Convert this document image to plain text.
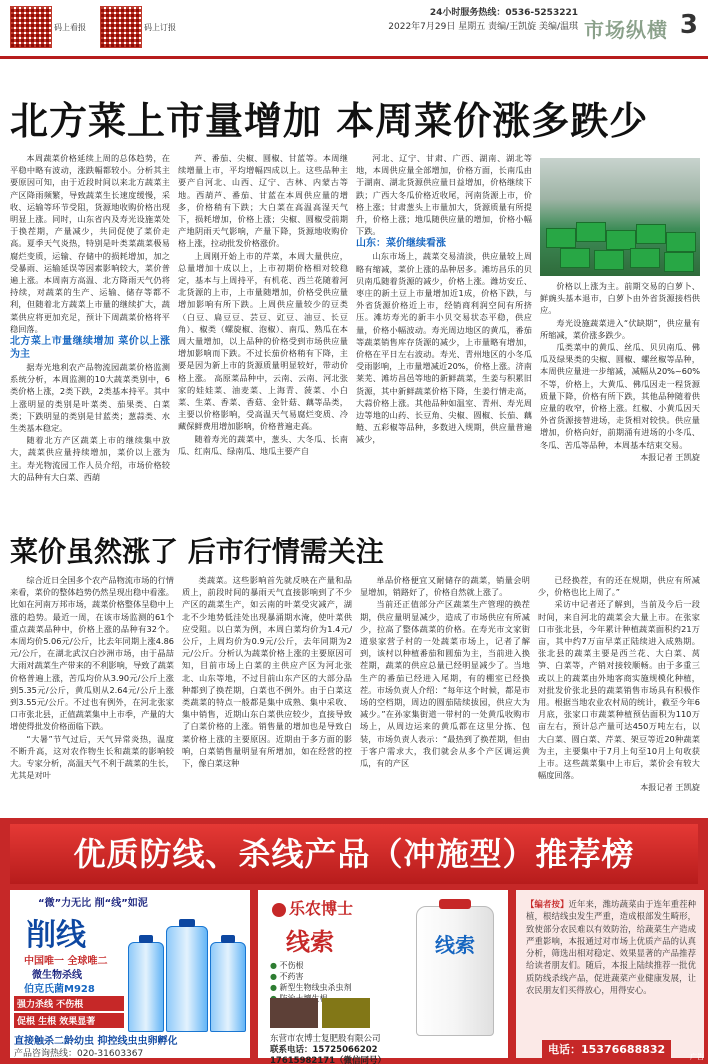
码上看报	码上订报
24小时服务热线：0536-5253221
2022年7月29日 星期五 责编/王凯旋 美编/温琪 市场纵横 3
北方菜上市量增加 本周菜价涨多跌少

本周蔬菜价格延续上周的总体趋势，在平稳中略有波动，涨跌幅都较小。分析其主要原因可知，由于近段时间以来北方蔬菜主产区降雨频繁，导致蔬菜生长速度缓慢，采收、运输等环节受阻，货源地收购价格出现明显上涨。同时，山东省内及寿光设施菜处于换茬期，产量减少，共同促使了菜价走高。夏季天气炎热，特别是叶类菜蔬菜极易腐烂变质，运输、存储中的损耗增加，加之受暴雨、运输延误等因素影响较大，菜价普遍上涨。本周南方高温、北方降雨天气仍将持续，对蔬菜的生产、运输、储存等都不利，但随着北方蔬菜上市量的继续扩大，蔬菜供应将更加充足，预计下周蔬菜价格将平稳回落。

北方菜上市量继续增加 菜价以上涨为主

据寿光地利农产品物流园蔬菜价格监测系统分析，本周监测的10大蔬菜类别中，6类价格上涨，2类下跌，2类基本持平。其中上涨明显的类别是叶菜类、茄果类、白菜类；下跌明显的类别是甘蓝类；葱蒜类、水生类基本稳定。

随着北方产区蔬菜上市的继续集中放大，蔬菜供应量持续增加，菜价以上涨为主。寿光物流园工作人员介绍，市场价格较大的品种有大白菜、西葫

芦、番茄、尖椒、圆椒、甘蓝等。本周继续增量上市，平均增幅四成以上。这些品种主要产自河北、山西、辽宁、吉林、内蒙古等地。西葫芦、番茄、甘蓝在本周供应量的增多，价格稍有下跌；大白菜在高温高湿天气下，损耗增加，价格上涨；尖椒、圆椒受前期产地阴雨天气影响，产量下降，货源地收购价格上涨，拉动批发价格涨价。

上周刚开始上市的芹菜，本周大量供应，总量增加十成以上，上市初期价格相对较稳定，基本与上周持平，有机花、西兰花随着河北货源的上市，上市量随增加，价格受供应量增加影响有所下跌。上周供应量较少的豆类（白豆、扁豆豆、芸豆、豇豆、油豆、长豆角）、椒类（螺旋椒、泡椒）、南瓜、熟瓜在本周大量增加，以上品种的价格受到市场供应量增加影响而下跌。不过长茄价格稍有下降，主要是因为新上市的货源质量明显较好，带动价格上涨。 高原菜品种中，云南、云南、河北张家的娃娃菜、油麦菜、上海青、菠菜、小白菜、生菜、香菜、香菇、金针菇、藕等品类，主要以价格影响，受高温天气易腐烂变质、冷藏保鲜费用增加影响，价格普遍走高。

随着寿光的蔬菜中，葱头、大冬瓜、长南瓜、红南瓜、绿南瓜、地瓜主要产自

河北、辽宁、甘肃、广西、湖南、湖北等地，本周供应量全部增加，价格方面，长南瓜由于湖南、湖北货源供应量日益增加，价格继续下跌；广西大冬瓜价格近收尾，河南货源上市，价格上涨；甘肃葱头上市量加大，货源质量有所提升，价格上涨；地瓜随供应量的增加，价格小幅下跌。

山东：菜价继续看涨

山东市场上，蔬菜交易清淡，供应量较上周略有缩减，菜价上涨的品种居多。滩坊昌乐的贝贝南瓜随着货源的减少，价格上涨。潍坊安丘、枣庄的新土豆上市量增加近1成，价格下跌，与外省货源价格近上市，经销商利润空间有所挤压。滩坊寿光的新丰小贝交易状态平稳，供应量，价格小幅波动。寿光周边地区的黄瓜，番茄等蔬菜销售库存货源的减少，上市量略有增加，价格在平日左右波动。寿光、青州地区的小冬瓜受雨影响，上市量增减近20%，价格上涨。济南莱芜、滩坊昌邑等地的新鲜蔬菜，生姜与积累旧货源，其中新鲜蔬菜价格下降，生姜行情走高，大蒜价格上涨。其他品种如温室、青州、寿光周边等地的山药、长豆角、尖椒、圆椒、长茄、藕鲢、五彩椒等品种，多数进入规期，供应量普遍减少，

价格以上涨为主。前期交易的白萝卜、鲜豌头基本退市，白萝卜由外省货源接档供应。

寿光设施蔬菜进入“伏缺期”，供应量有所缩减，菜价涨多跌少。

瓜类菜中的黄瓜、丝瓜、贝贝南瓜、佛瓜及绿果类的尖椒、圆椒、螺丝椒等品种，本周供应量进一步缩减，减幅从20%~60%不等，价格上，大黄瓜、佛瓜因走一程货源质量下降，价格有所下跌，其他品种随着供应量的收窄，价格上涨。红椒、小黄瓜因天外省货源接替进场，走货相对较快。供应量增加，价格向好，前期涌有进场的小冬瓜、冬瓜、苦瓜等品种，本周基本结束交易。

本报记者 王凯旋

菜价虽然涨了 后市行情需关注

综合近日全国多个农产品物流市场的行情来看，菜价的整体趋势仍然呈现出稳中看涨。比如在河南万邦市场，蔬菜价格整体呈稳中上涨的趋势。最近一周，在该市场监测的61个重点蔬菜品种中，价格上涨的品种有32个。本周均价5.06元/公斤，比去年同期上涨4.86元/公斤，在湖北武汉白沙洲市场，由于晶喆大雨对蔬菜生产带来的不利影响，导致了蔬菜价格普遍上涨，苦瓜均价从3.90元/公斤上涨到5.35元/公斤，黄瓜则从2.64元/公斤上涨到3.55元/公斤。不过也有例外，在河北张家口市张北县，正值蔬菜集中上市季，产量的大增使得批发价格面临下跌。

“大暑”节气过后，天气异常炎热，温度不断升高，这对农作物生长和蔬菜的影响较大。专家分析，高温天气不利于蔬菜的生长，尤其是对叶

类蔬菜。这些影响首先就反映在产量和品质上，前段时间的暴雨天气直接影响到了不少产区的蔬菜生产，如云南的叶菜受灾减产，湖北不少地势低洼处出现暴涌期水淹，使叶菜供应受阻。以白菜为例，本周白菜均价为1.4元/公斤，上周均价为0.9元/公斤，去年同期为2元/公斤。分析认为蔬菜价格上涨的主要原因可知，目前市场上白菜的主供应产区为河北张北、山东等地，不过目前山东产区的大部分品种都到了换茬期，白菜也不例外。由于白菜这类蔬菜的特点一般都是集中成熟、集中采收、集中销售，近期山东白菜供应较少，直接导致了白菜价格的上涨。销售量的增加也是导致白菜价格上涨的主要原因。近期由于多方面的影响，白菜销售量明显有所增加，如在经营的控下，像白菜这种

单品价格便宜又耐储存的蔬菜，销量会明显增加，销路好了，价格自然就上涨了。

当前还正值部分产区蔬菜生产管理的换茬期，供应量明显减少，造成了市场供应有所减少，拉高了整体蔬菜的价格。在寿光市文家街道泉家营子村的一处蔬菜市场上，记者了解到，该村以种植番茄和圆茄为主，当前进入换茬期，蔬菜的供应总量已经明显减少了。当地生产的番茄已经进入尾期，有的棚室已经换茬。市场负责人介绍：“每年这个时候，都是市场的空档期，周边的圆茄陆续拔园，供应大为减少。”在孙家集街道一带村的一处黄瓜收购市场上，从周边运来的黄瓜都在这里分拣、包装，市场负责人表示：“最热到了换茬期，但由于客户需求大，我们就会从多个产区调运黄瓜，有的产区

已经换茬，有的还在规期，供应有所减少，价格也比上周了。”

采访中记者还了解到，当前及今后一段时间，来自河北的蔬菜会大量上市。在张家口市张北县，今年累计种植蔬菜面积约21万亩，其中约7万亩早菜正陆续进入成熟期。 张北县的蔬菜主要是西兰花、大白菜、莴笋、白菜等，产销对接较顺畅。由于多重三或以上的蔬菜由外地客商实施规模化种植，对批发价张北县的蔬菜销售市场具有积极作用。根据当地农业农村局的统计，截至今年6月底，张家口市蔬菜种植预估面积为110万亩左右，预计总产量可达450万吨左右，以大白菜、圆白菜、芹菜、架豆等近20种蔬菜为主，主要集中于7月上旬至10月上旬收获上市。这些蔬菜集中上市后，菜价会有较大幅度回落。

本报记者 王凯旋

优质防线、杀线产品（冲施型）推荐榜
“微”力无比 削“线”如泥
削线
中国唯一 全球唯二
微生物杀线
伯克氏菌M928
强力杀线 不伤根
促根 生根 效果显著
直接触杀二龄幼虫 抑控线虫虫卵孵化
产品咨询热线：020-31603367
乐农博士
线索
● 不伤根
● 不药害
● 新型生物线虫杀虫剂
●
线索
东营市农博士复肥股有限公司
联系电话：15725066202
17615982171（微信同号）
【编者按】近年来，潍坊蔬菜由于连年重茬种植，根结线虫发生严重，造成根部发生畸形，致使部分农民难以有效防治，给蔬菜生产造成严重影响，本报通过对市场上优质产品的认真分析，筛选出相对稳定、效果显著的产品推荐给读者朋友们。随后，本报上陆续推荐一批优质防线杀线产品，促进蔬菜产业健康发展，让农民朋友们买得放心，用得安心。
电话：15376688832
广告
